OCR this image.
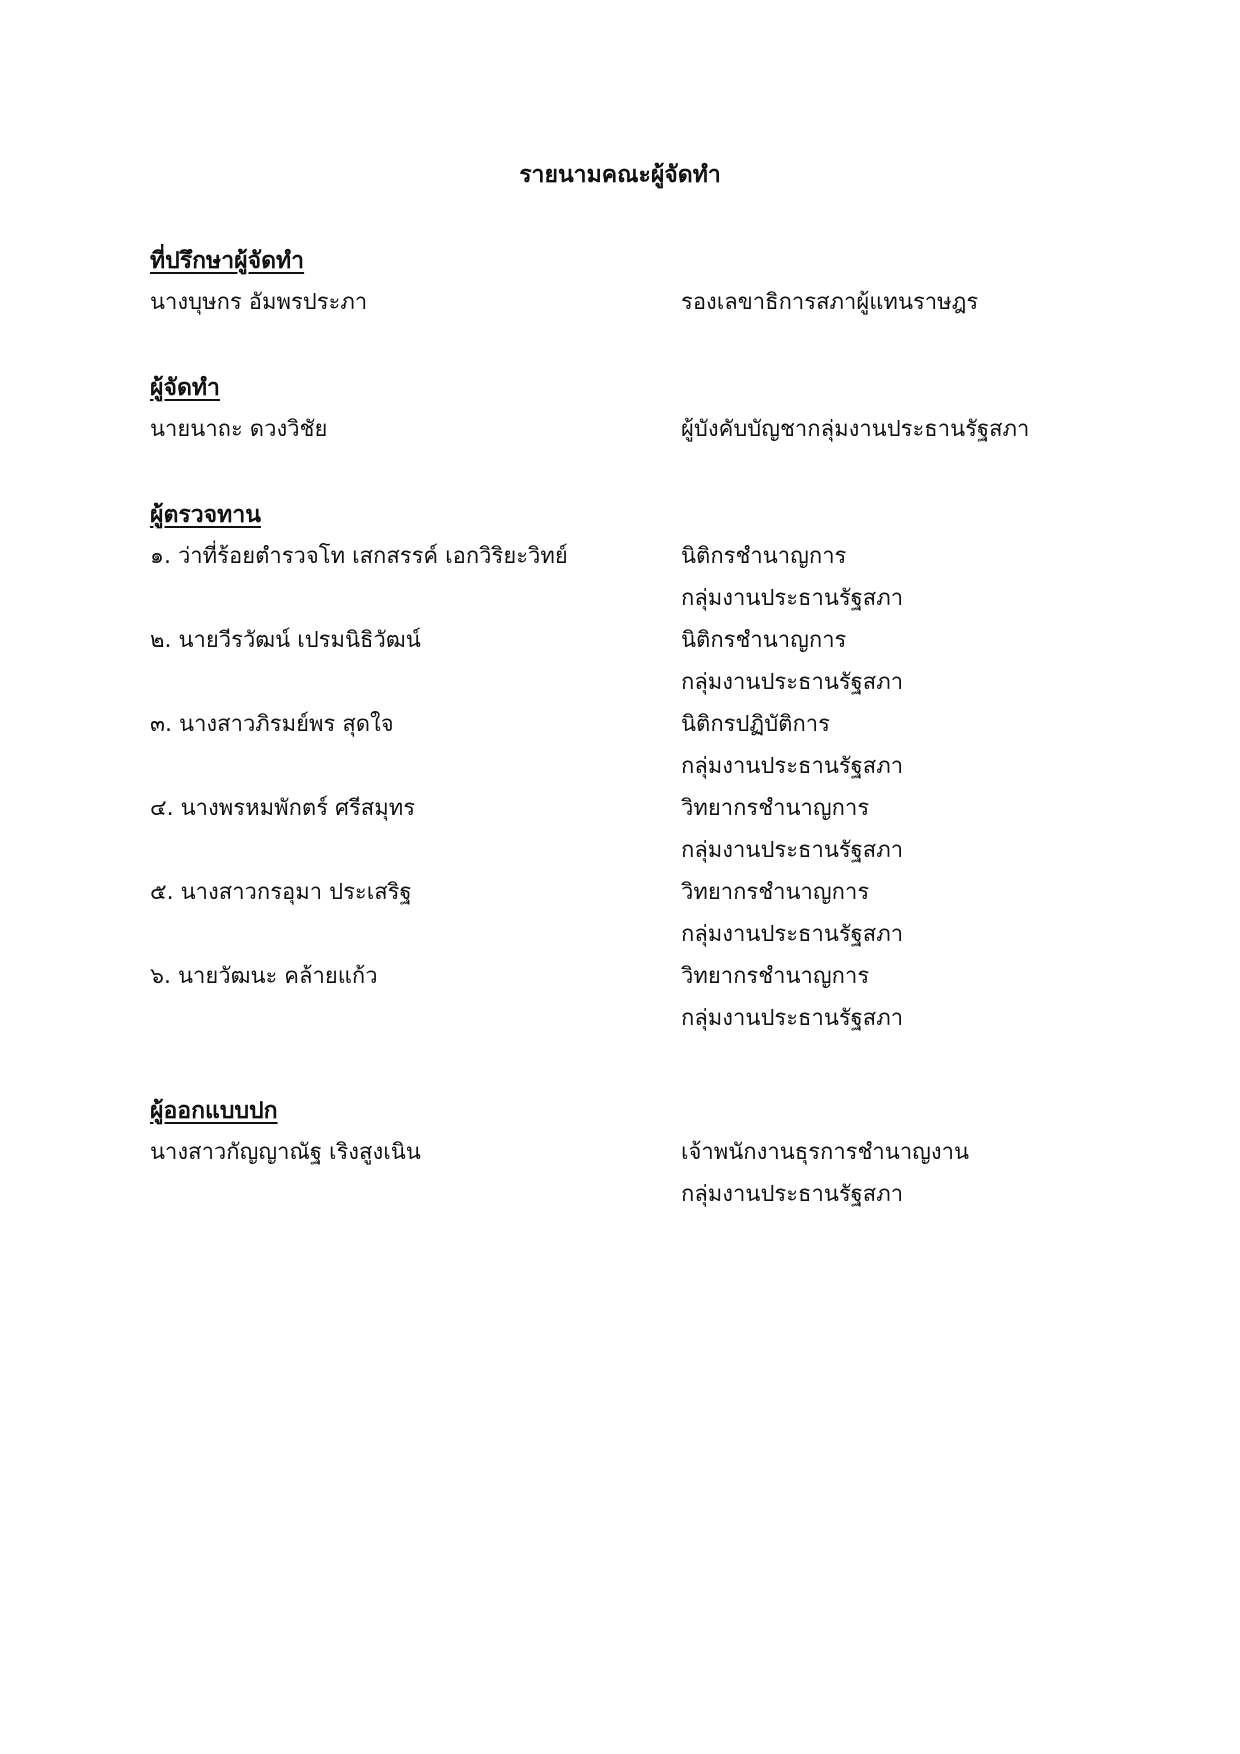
รายนามคณะผู้จัดทำ
ที่ปรึกษาผู้จัดทำ
นางบุษกร อัมพรประภา	รองเลขาธิการสภาผู้แทนราษฎร
ผู้จัดทำ
นายนาถะ ดวงวิชัย	ผู้บังคับบัญชากลุ่มงานประธานรัฐสภา
ผู้ตรวจทาน
๑. ว่าที่ร้อยตำรวจโท เสกสรรค์ เอกวิริยะวิทย์	นิติกรชำนาญการ
กลุ่มงานประธานรัฐสภา
๒. นายวีรวัฒน์ เปรมนิธิวัฒน์	นิติกรชำนาญการ
กลุ่มงานประธานรัฐสภา
๓. นางสาวภิรมย์พร สุดใจ	นิติกรปฏิบัติการ
กลุ่มงานประธานรัฐสภา
๔. นางพรหมพักตร์ ศรีสมุทร	วิทยากรชำนาญการ
กลุ่มงานประธานรัฐสภา
๕. นางสาวกรอุมา ประเสริฐ	วิทยากรชำนาญการ
กลุ่มงานประธานรัฐสภา
๖. นายวัฒนะ คล้ายแก้ว	วิทยากรชำนาญการ
กลุ่มงานประธานรัฐสภา
ผู้ออกแบบปก
นางสาวกัญญาณัฐ เริงสูงเนิน	เจ้าพนักงานธุรการชำนาญงาน
กลุ่มงานประธานรัฐสภา
